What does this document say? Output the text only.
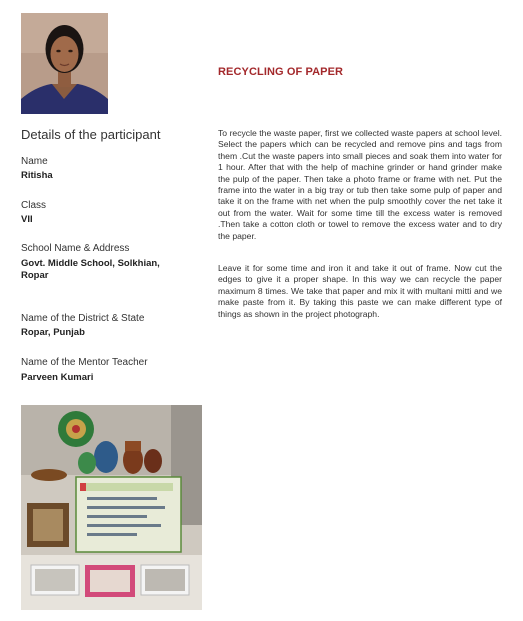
Details of the participant
Name
Ritisha
Class
VII
School Name & Address
Govt. Middle School, Solkhian, Ropar
Name of the District & State
Ropar, Punjab
Name of the Mentor Teacher
Parveen Kumari
RECYCLING OF PAPER
To recycle the waste paper, first we collected waste papers at school level. Select the papers which can be recycled and remove pins and tags from them .Cut the waste papers into small pieces and soak them into water for 1 hour. After that with the help of machine grinder or hand grinder make the pulp of the paper. Then take a photo frame or frame with net. Put the frame into the water in a big tray or tub then take some pulp of paper and take it on the frame with net when the pulp smoothly cover the net take it out from the water. Wait for some time till the excess water is removed .Then take a cotton cloth or towel to remove the excess water and to dry the paper.
Leave it for some time and iron it and take it out of frame. Now cut the edges to give it a proper shape. In this way we can recycle the paper maximum 8 times. We take that paper and mix it with multani mitti and we make paste from it. By taking this paste we can make different type of things as shown in the project photograph.
